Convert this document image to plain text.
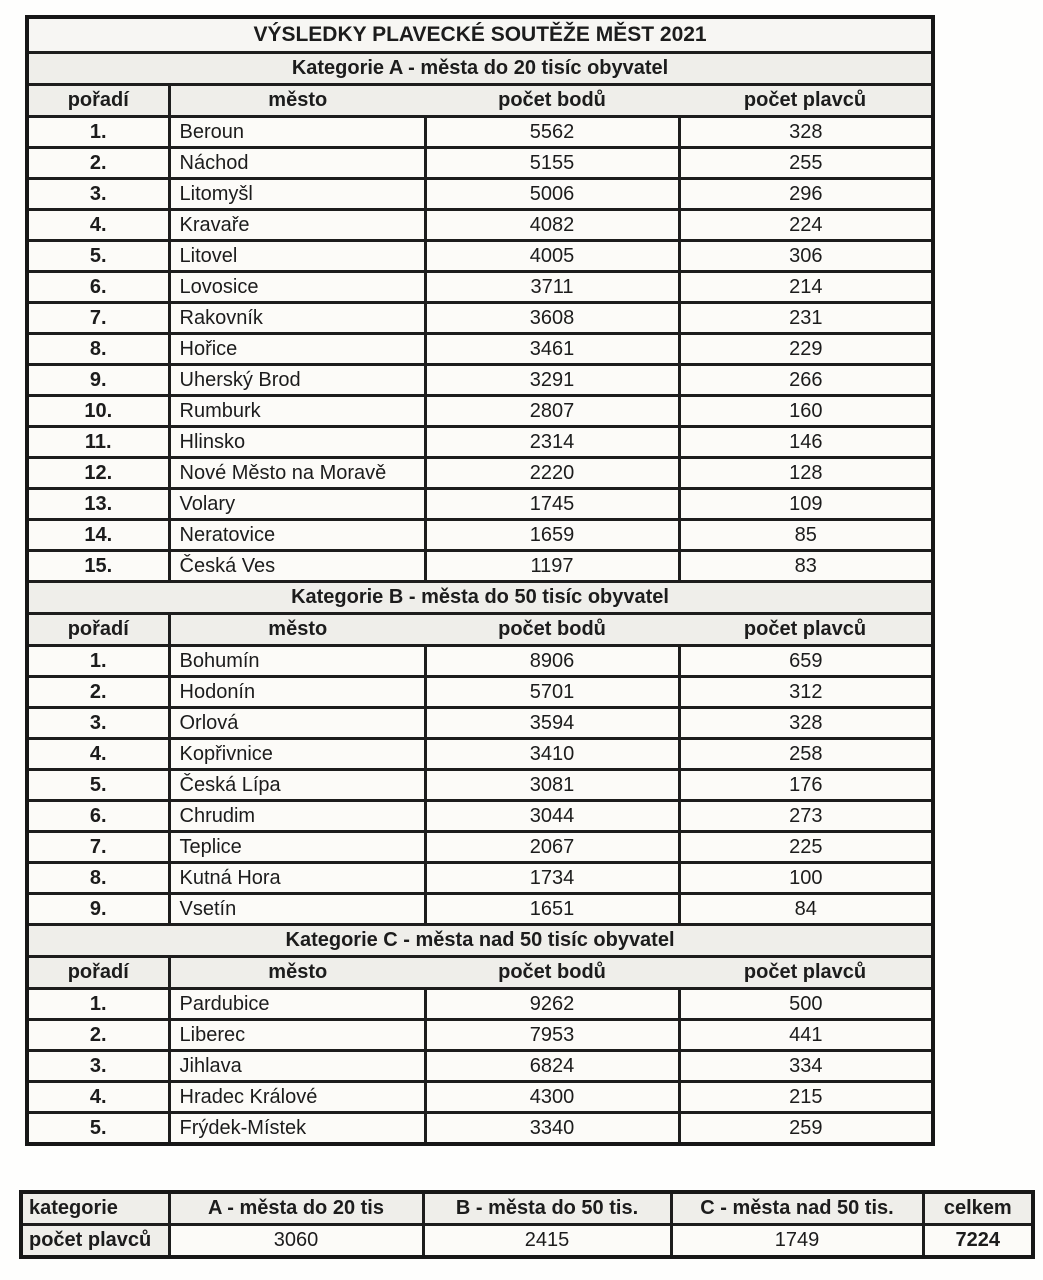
VÝSLEDKY PLAVECKÉ SOUTĚŽE MĚST 2021			
Kategorie A - města do 20 tisíc obyvatel			
pořadí	město	počet bodů	počet plavců
1.	Beroun	5562	328
2.	Náchod	5155	255
3.	Litomyšl	5006	296
4.	Kravaře	4082	224
5.	Litovel	4005	306
6.	Lovosice	3711	214
7.	Rakovník	3608	231
8.	Hořice	3461	229
9.	Uherský Brod	3291	266
10.	Rumburk	2807	160
11.	Hlinsko	2314	146
12.	Nové Město na Moravě	2220	128
13.	Volary	1745	109
14.	Neratovice	1659	85
15.	Česká Ves	1197	83
Kategorie B - města do 50 tisíc obyvatel			
pořadí	město	počet bodů	počet plavců
1.	Bohumín	8906	659
2.	Hodonín	5701	312
3.	Orlová	3594	328
4.	Kopřivnice	3410	258
5.	Česká Lípa	3081	176
6.	Chrudim	3044	273
7.	Teplice	2067	225
8.	Kutná Hora	1734	100
9.	Vsetín	1651	84
Kategorie C - města nad 50 tisíc obyvatel			
pořadí	město	počet bodů	počet plavců
1.	Pardubice	9262	500
2.	Liberec	7953	441
3.	Jihlava	6824	334
4.	Hradec Králové	4300	215
5.	Frýdek-Místek	3340	259
kategorie	A - města do 20 tis	B - města do 50 tis.	C - města nad 50 tis.	celkem
počet plavců	3060	2415	1749	7224
